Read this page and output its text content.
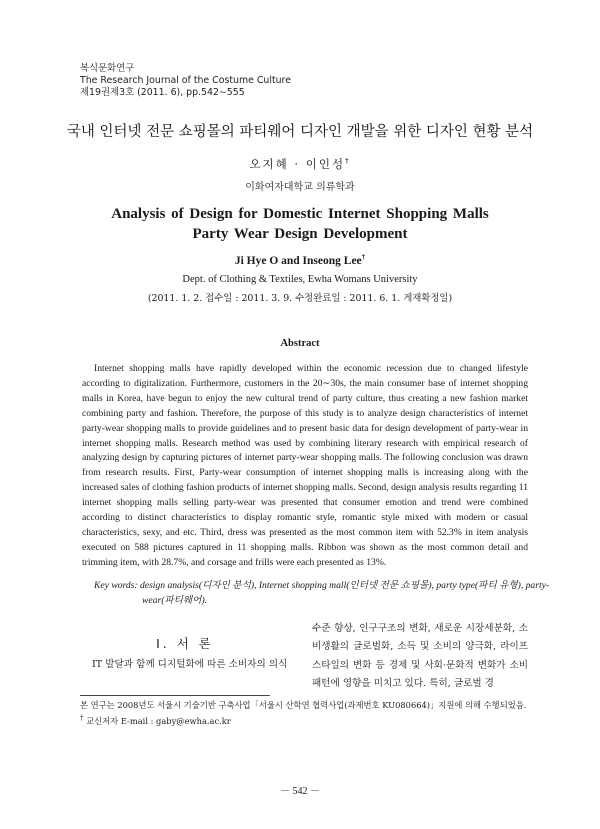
복식문화연구
The Research Journal of the Costume Culture
제19권제3호 (2011. 6), pp.542∼555
국내 인터넷 전문 쇼핑몰의 파티웨어 디자인 개발을 위한 디자인 현황 분석
오지혜 · 이인성†
이화여자대학교 의류학과
Analysis of Design for Domestic Internet Shopping Malls
Party Wear Design Development
Ji Hye O and Inseong Lee†
Dept. of Clothing & Textiles, Ewha Womans University
(2011. 1. 2. 접수일 : 2011. 3. 9. 수정완료일 : 2011. 6. 1. 게재확정일)
Abstract

Internet shopping malls have rapidly developed within the economic recession due to changed lifestyle according to digitalization. Furthermore, customers in the 20∼30s, the main consumer base of internet shopping malls in Korea, have begun to enjoy the new cultural trend of party culture, thus creating a new fashion market combining party and fashion. Therefore, the purpose of this study is to analyze design characteristics of internet party-wear shopping malls to provide guidelines and to present basic data for design development of party-wear in internet shopping malls. Research method was used by combining literary research with empirical research of analyzing design by capturing pictures of internet party-wear shopping malls. The following conclusion was drawn from research results. First, Party-wear consumption of internet shopping malls is increasing along with the increased sales of clothing fashion products of internet shopping malls. Second, design analysis results regarding 11 internet shopping malls selling party-wear was presented that consumer emotion and trend were combined according to distinct characteristics to display romantic style, romantic style mixed with modern or casual characteristics, sexy, and etc. Third, dress was presented as the most common item with 52.3% in item analysis executed on 588 pictures captured in 11 shopping malls. Ribbon was shown as the most common detail and trimming item, with 28.7%, and corsage and frills were each presented as 13%.

Key words: design analysis(디자인 분석), Internet shopping mall(인터넷 전문 쇼핑몰), party type(파티 유형), party-wear(파티웨어).
Ⅰ. 서 론
IT 발달과 함께 디지털화에 따른 소비자의 의식

수준 향상, 인구구조의 변화, 새로운 시장세분화, 소비생활의 글로벌화, 소득 및 소비의 양극화, 라이프스타일의 변화 등 경제 및 사회·문화적 변화가 소비 패턴에 영향을 미치고 있다. 특히, 글로벌 경

본 연구는 2008년도 서울시 기술기반 구축사업「서울시 산학연 협력사업(과제번호 KU080664)」지원에 의해 수행되었음.
† 교신저자 E-mail : gaby@ewha.ac.kr
－ 542 －
